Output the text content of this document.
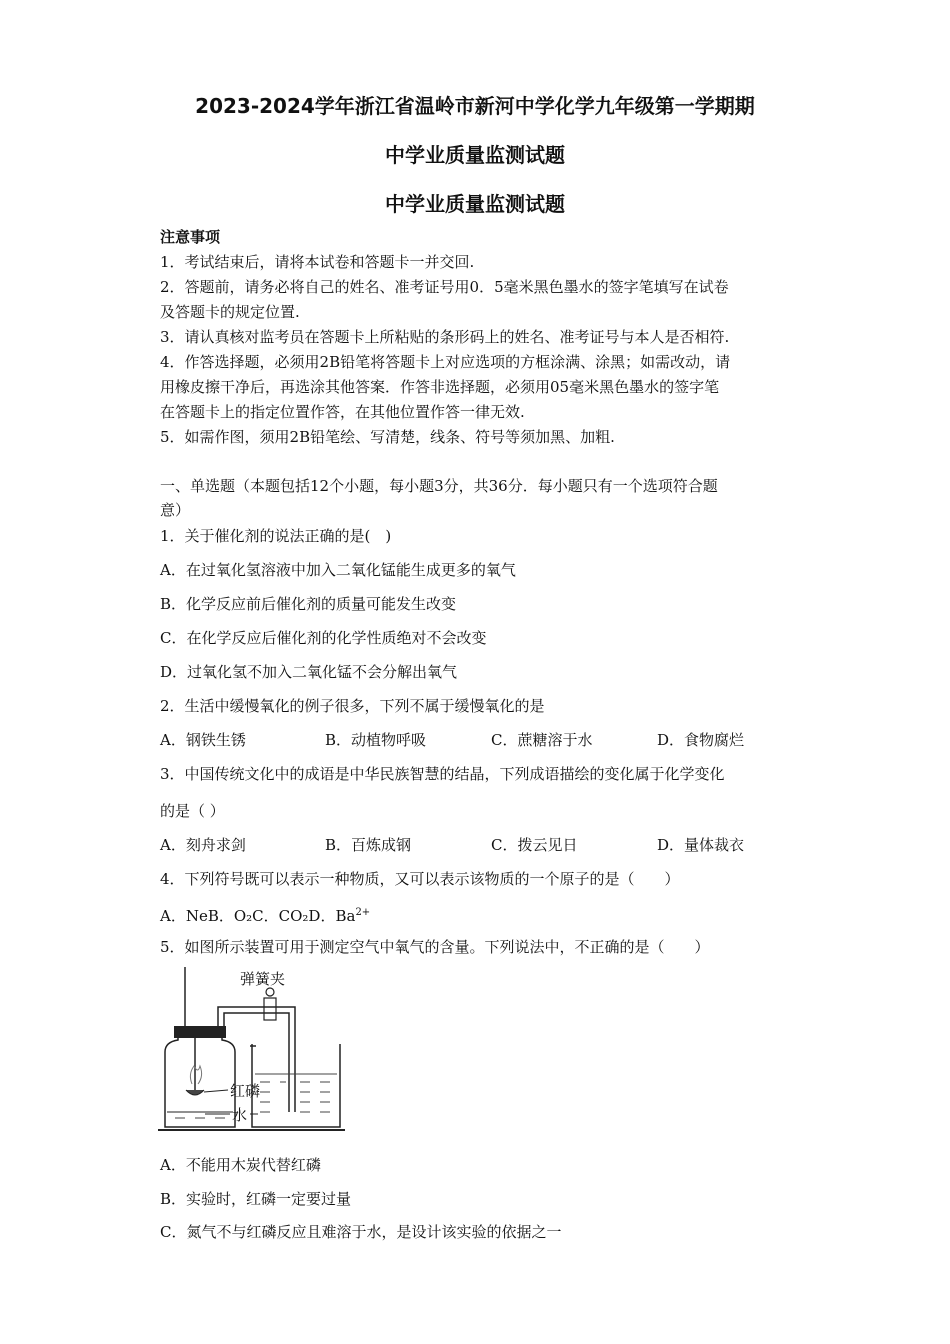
2023-2024学年浙江省温岭市新河中学化学九年级第一学期期
中学业质量监测试题
中学业质量监测试题
注意事项
1．考试结束后，请将本试卷和答题卡一并交回.
2．答题前，请务必将自己的姓名、准考证号用0．5毫米黑色墨水的签字笔填写在试卷
及答题卡的规定位置.
3．请认真核对监考员在答题卡上所粘贴的条形码上的姓名、准考证号与本人是否相符.
4．作答选择题，必须用2B铅笔将答题卡上对应选项的方框涂满、涂黑；如需改动，请
用橡皮擦干净后，再选涂其他答案．作答非选择题，必须用05毫米黑色墨水的签字笔
在答题卡上的指定位置作答，在其他位置作答一律无效.
5．如需作图，须用2B铅笔绘、写清楚，线条、符号等须加黑、加粗.
一、单选题（本题包括12个小题，每小题3分，共36分．每小题只有一个选项符合题
意）
1．关于催化剂的说法正确的是(　)
A．在过氧化氢溶液中加入二氧化锰能生成更多的氧气
B．化学反应前后催化剂的质量可能发生改变
C．在化学反应后催化剂的化学性质绝对不会改变
D．过氧化氢不加入二氧化锰不会分解出氧气
2．生活中缓慢氧化的例子很多，下列不属于缓慢氧化的是
A．钢铁生锈	B．动植物呼吸	C．蔗糖溶于水	D．食物腐烂
3．中国传统文化中的成语是中华民族智慧的结晶，下列成语描绘的变化属于化学变化
的是（ ）
A．刻舟求剑	B．百炼成钢	C．拨云见日	D．量体裁衣
4．下列符号既可以表示一种物质，又可以表示该物质的一个原子的是（　　）
A．NeB．O₂C．CO₂D．$Ba^{2+}$
5．如图所示装置可用于测定空气中氧气的含量。下列说法中，不正确的是（　　）
弹簧夹
红磷
水
A．不能用木炭代替红磷
B．实验时，红磷一定要过量
C．氮气不与红磷反应且难溶于水，是设计该实验的依据之一
